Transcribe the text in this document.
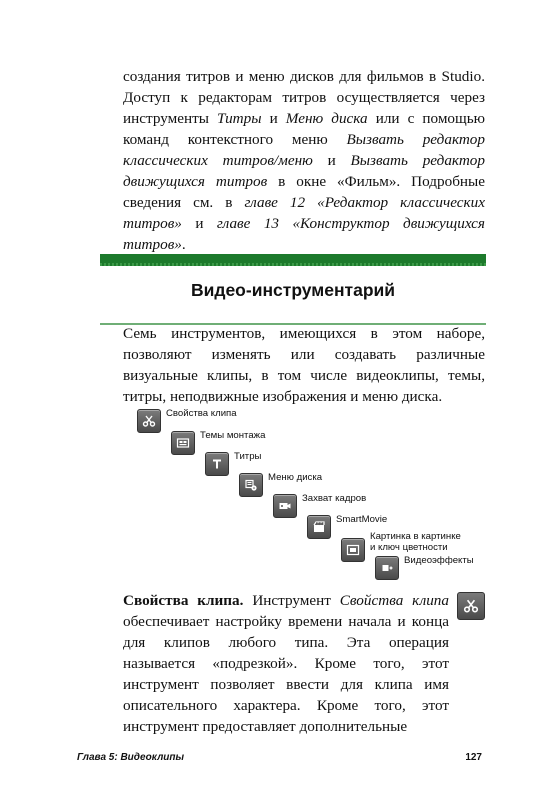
создания титров и меню дисков для фильмов в Studio. Доступ к редакторам титров осуществляется через инструменты Титры и Меню диска или с помощью команд контекстного меню Вызвать редактор классических титров/меню и Вызвать редактор движущихся титров в окне «Фильм». Подробные сведения см. в главе 12 «Редактор классических титров» и главе 13 «Конструктор движущихся титров».

Видео-инструментарий

Семь инструментов, имеющихся в этом наборе, позволяют изменять или создавать различные визуальные клипы, в том числе видеоклипы, темы, титры, неподвижные изображения и меню диска.

Свойства клипа
Темы монтажа
Титры
Меню диска
Захват кадров
SmartMovie
Картинка в картинке
и ключ цветности
Видеоэффекты

Свойства клипа. Инструмент Свойства клипа обеспечивает настройку времени начала и конца для клипов любого типа. Эта операция называется «подрезкой». Кроме того, этот инструмент позволяет ввести для клипа имя описательного характера. Кроме того, этот инструмент предоставляет дополнительные

Глава 5: Видеоклипы	127
